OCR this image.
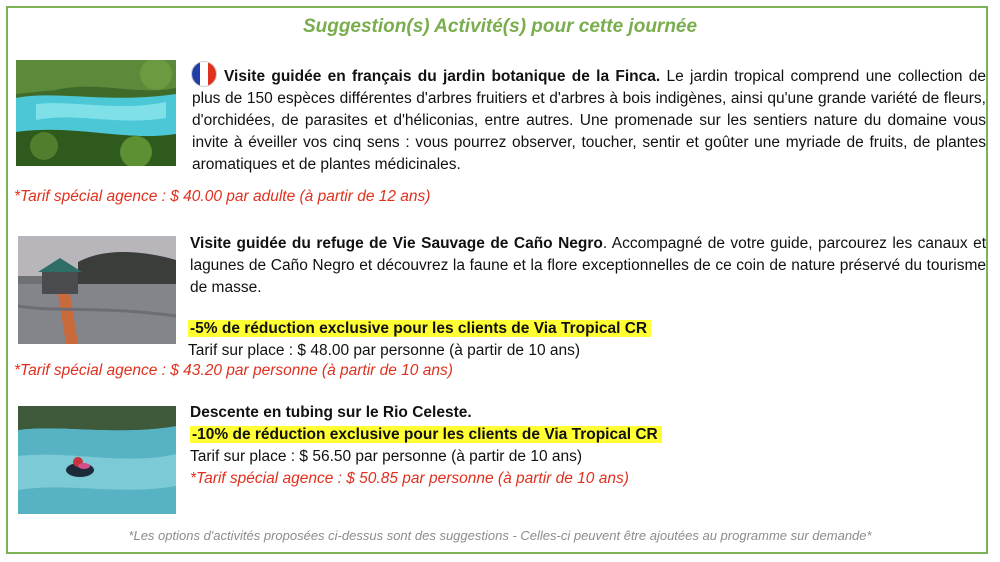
Suggestion(s) Activité(s) pour cette journée
Visite guidée en français du jardin botanique de la Finca. Le jardin tropical comprend une collection de plus de 150 espèces différentes d'arbres fruitiers et d'arbres à bois indigènes, ainsi qu'une grande variété de fleurs, d'orchidées, de parasites et d'héliconias, entre autres. Une promenade sur les sentiers nature du domaine vous invite à éveiller vos cinq sens : vous pourrez observer, toucher, sentir et goûter une myriade de fruits, de plantes aromatiques et de plantes médicinales.
*Tarif spécial agence : $ 40.00 par adulte (à partir de 12 ans)
Visite guidée du refuge de Vie Sauvage de Caño Negro. Accompagné de votre guide, parcourez les canaux et lagunes de Caño Negro et découvrez la faune et la flore exceptionnelles de ce coin de nature préservé du tourisme de masse.
-5% de réduction exclusive pour les clients de Via Tropical CR
Tarif sur place : $ 48.00 par personne (à partir de 10 ans)
*Tarif spécial agence : $ 43.20 par personne (à partir de 10 ans)
Descente en tubing sur le Rio Celeste.
-10% de réduction exclusive pour les clients de Via Tropical CR
Tarif sur place : $ 56.50 par personne (à partir de 10 ans)
*Tarif spécial agence : $ 50.85 par personne (à partir de 10 ans)
*Les options d'activités proposées ci-dessus sont des suggestions - Celles-ci peuvent être ajoutées au programme sur demande*
